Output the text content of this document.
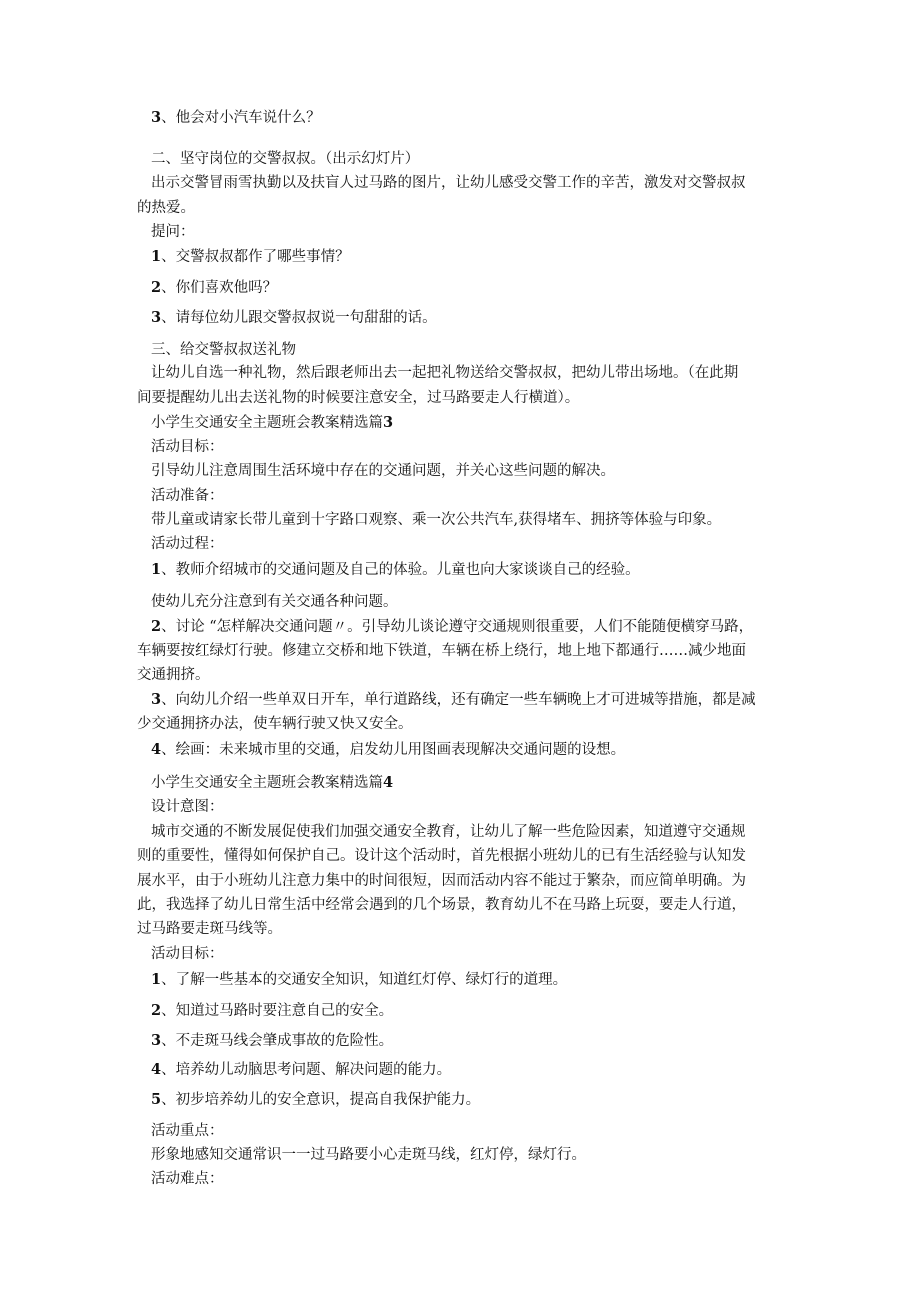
3、他会对小汽车说什么？
二、坚守岗位的交警叔叔。（出示幻灯片）
出示交警冒雨雪执勤以及扶盲人过马路的图片，让幼儿感受交警工作的辛苦，激发对交警叔叔
的热爱。
提问：
1、交警叔叔都作了哪些事情？
2、你们喜欢他吗？
3、请每位幼儿跟交警叔叔说一句甜甜的话。
三、给交警叔叔送礼物
让幼儿自选一种礼物，然后跟老师出去一起把礼物送给交警叔叔，把幼儿带出场地。（在此期
间要提醒幼儿出去送礼物的时候要注意安全，过马路要走人行横道）。
小学生交通安全主题班会教案精选篇3
活动目标：
引导幼儿注意周围生活环境中存在的交通问题，并关心这些问题的解决。
活动准备：
带儿童或请家长带儿童到十字路口观察、乘一次公共汽车,获得堵车、拥挤等体验与印象。
活动过程：
1、教师介绍城市的交通问题及自己的体验。儿童也向大家谈谈自己的经验。
使幼儿充分注意到有关交通各种问题。
2、讨论 “怎样解决交通问题〃。引导幼儿谈论遵守交通规则很重要，人们不能随便横穿马路，
车辆要按红绿灯行驶。修建立交桥和地下铁道，车辆在桥上绕行，地上地下都通行……减少地面
交通拥挤。
3、向幼儿介绍一些单双日开车，单行道路线，还有确定一些车辆晚上才可进城等措施，都是减
少交通拥挤办法，使车辆行驶又快又安全。
4、绘画：未来城市里的交通，启发幼儿用图画表现解决交通问题的设想。
小学生交通安全主题班会教案精选篇4
设计意图：
城市交通的不断发展促使我们加强交通安全教育，让幼儿了解一些危险因素，知道遵守交通规
则的重要性，懂得如何保护自己。设计这个活动时，首先根据小班幼儿的已有生活经验与认知发
展水平，由于小班幼儿注意力集中的时间很短，因而活动内容不能过于繁杂，而应简单明确。为
此，我选择了幼儿日常生活中经常会遇到的几个场景，教育幼儿不在马路上玩耍，要走人行道，
过马路要走斑马线等。
活动目标：
1、了解一些基本的交通安全知识，知道红灯停、绿灯行的道理。
2、知道过马路时要注意自己的安全。
3、不走斑马线会肇成事故的危险性。
4、培养幼儿动脑思考问题、解决问题的能力。
5、初步培养幼儿的安全意识，提高自我保护能力。
活动重点：
形象地感知交通常识一一过马路要小心走斑马线，红灯停，绿灯行。
活动难点：
